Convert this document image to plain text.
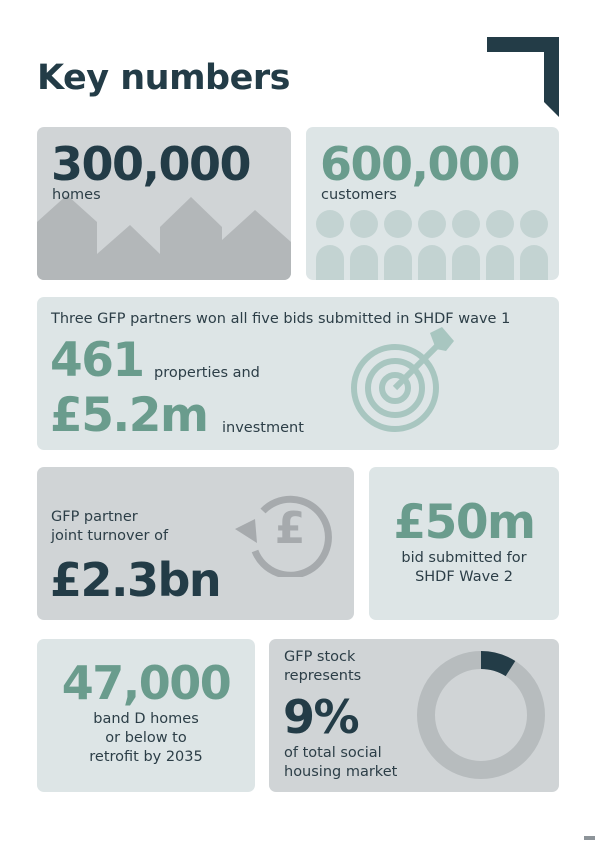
Key numbers
300,000
homes
600,000
customers
Three GFP partners won all five bids submitted in SHDF wave 1
461 properties and
£5.2m investment
£
GFP partner
joint turnover of
£2.3bn
£50m
bid submitted for
SHDF Wave 2
47,000
band D homes
or below to
retrofit by 2035
GFP stock
represents
9%
of total social
housing market
